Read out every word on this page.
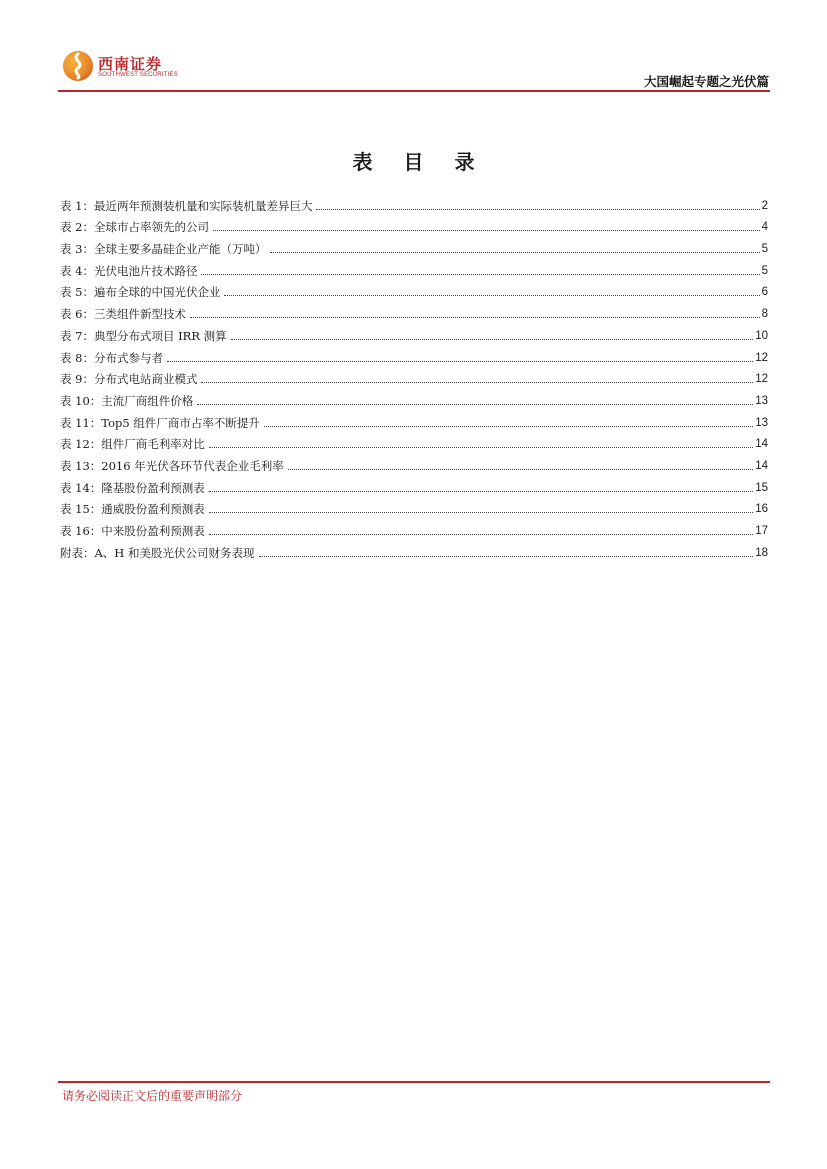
西南证券
SOUTHWEST SECURITIES	大国崛起专题之光伏篇
表 目 录
表 1：最近两年预测装机量和实际装机量差异巨大	2
表 2：全球市占率领先的公司	4
表 3：全球主要多晶硅企业产能（万吨）	5
表 4：光伏电池片技术路径	5
表 5：遍布全球的中国光伏企业	6
表 6：三类组件新型技术	8
表 7：典型分布式项目 IRR 测算	10
表 8：分布式参与者	12
表 9：分布式电站商业模式	12
表 10：主流厂商组件价格	13
表 11：Top5 组件厂商市占率不断提升	13
表 12：组件厂商毛利率对比	14
表 13：2016 年光伏各环节代表企业毛利率	14
表 14：隆基股份盈利预测表	15
表 15：通威股份盈利预测表	16
表 16：中来股份盈利预测表	17
附表：A、H 和美股光伏公司财务表现	18
请务必阅读正文后的重要声明部分
